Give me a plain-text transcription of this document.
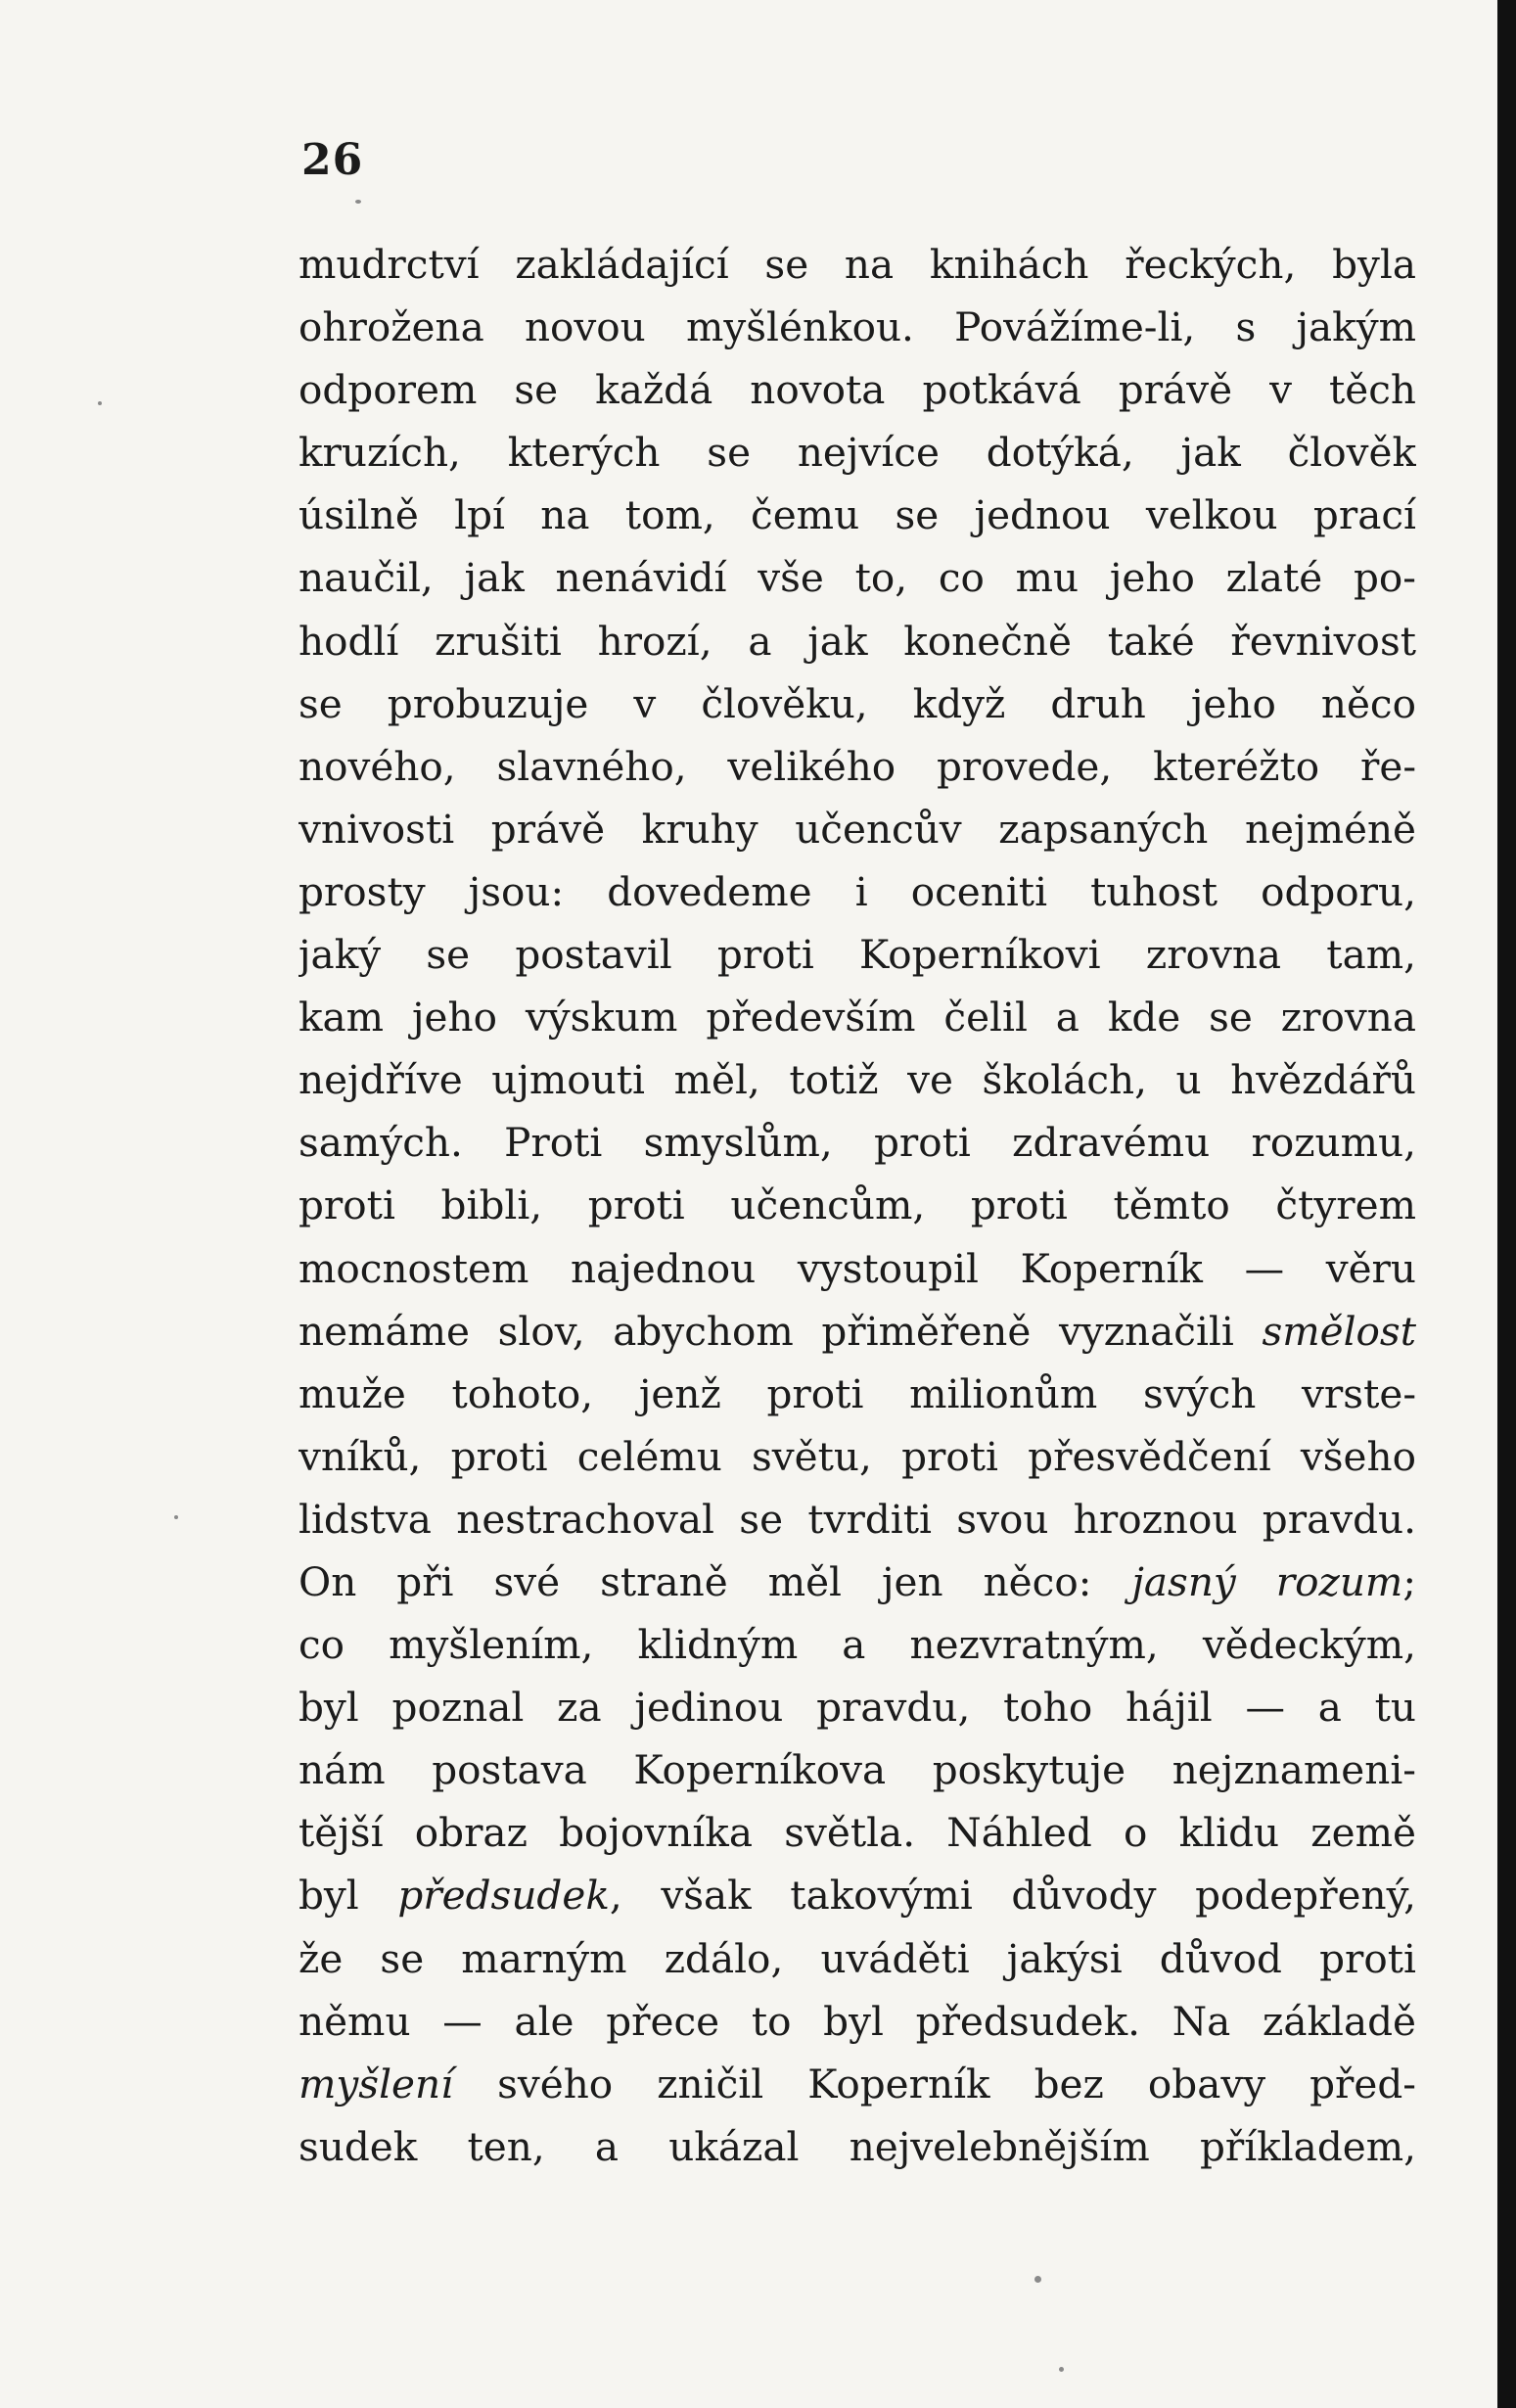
26
mudrctví zakládající se na knihách řeckých, byla
ohrožena novou myšlénkou. Povážíme-li, s jakým
odporem se každá novota potkává právě v těch
kruzích, kterých se nejvíce dotýká, jak člověk
úsilně lpí na tom, čemu se jednou velkou prací
naučil, jak nenávidí vše to, co mu jeho zlaté po-
hodlí zrušiti hrozí, a jak konečně také řevnivost
se probuzuje v člověku, když druh jeho něco
nového, slavného, velikého provede, kteréžto ře-
vnivosti právě kruhy učencův zapsaných nejméně
prosty jsou: dovedeme i oceniti tuhost odporu,
jaký se postavil proti Koperníkovi zrovna tam,
kam jeho výskum především čelil a kde se zrovna
nejdříve ujmouti měl, totiž ve školách, u hvězdářů
samých. Proti smyslům, proti zdravému rozumu,
proti bibli, proti učencům, proti těmto čtyrem
mocnostem najednou vystoupil Koperník — věru
nemáme slov, abychom přiměřeně vyznačili smělost
muže tohoto, jenž proti milionům svých vrste-
vníků, proti celému světu, proti přesvědčení všeho
lidstva nestrachoval se tvrditi svou hroznou pravdu.
On při své straně měl jen něco: jasný rozum;
co myšlením, klidným a nezvratným, vědeckým,
byl poznal za jedinou pravdu, toho hájil — a tu
nám postava Koperníkova poskytuje nejznameni-
tější obraz bojovníka světla. Náhled o klidu země
byl předsudek, však takovými důvody podepřený,
že se marným zdálo, uváděti jakýsi důvod proti
němu — ale přece to byl předsudek. Na základě
myšlení svého zničil Koperník bez obavy před-
sudek ten, a ukázal nejvelebnějším příkladem,
